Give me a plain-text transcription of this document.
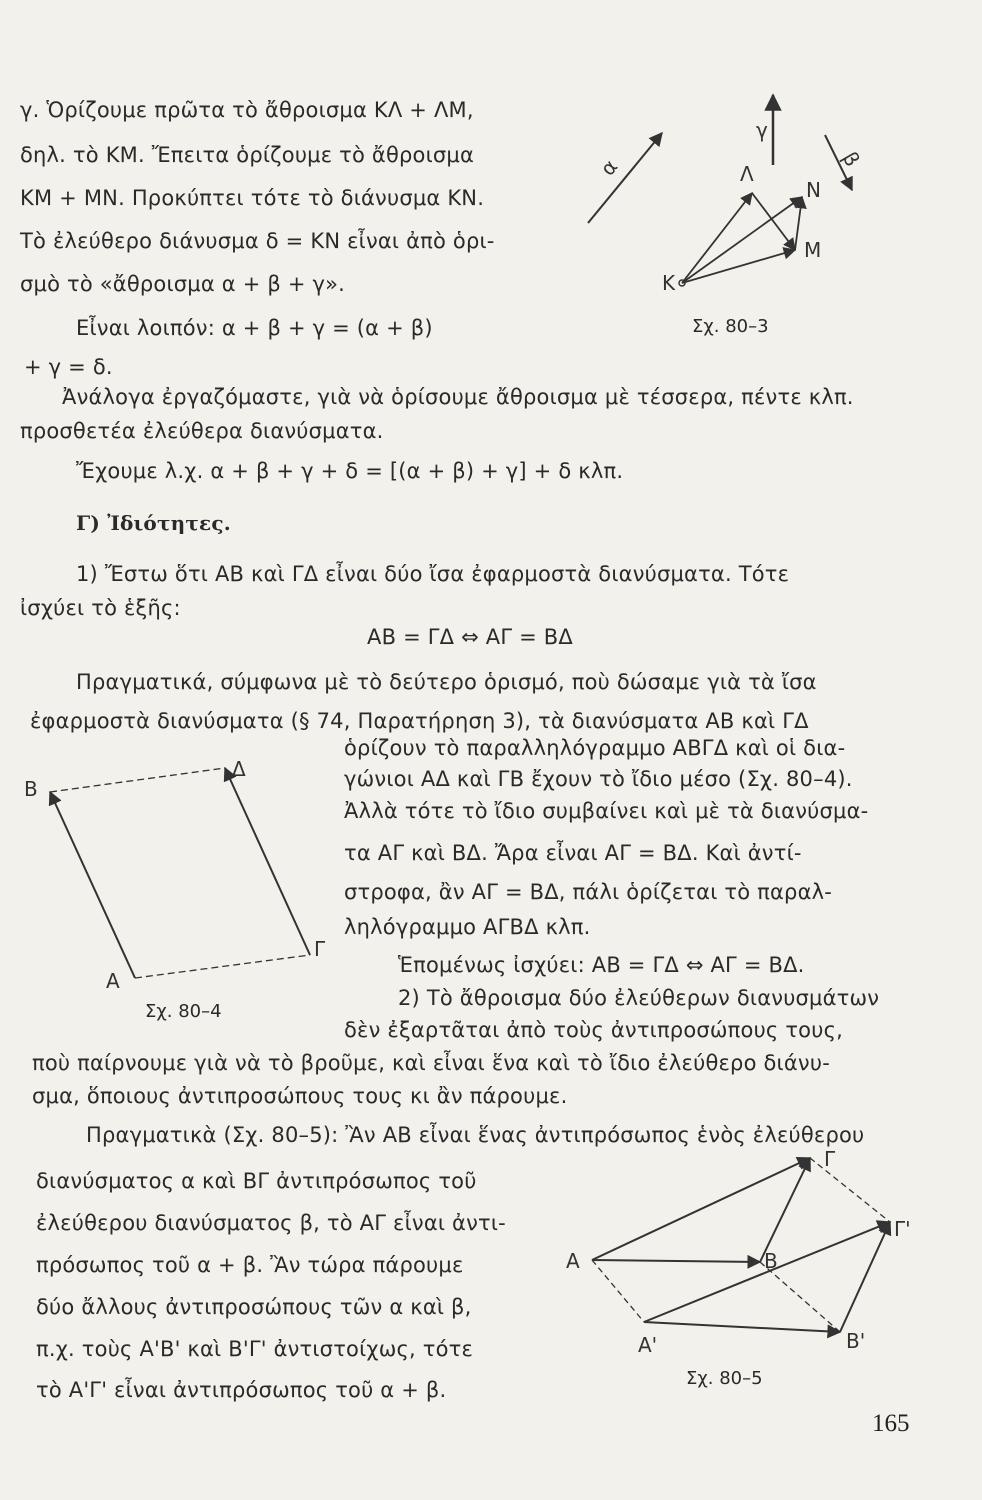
γ. Ὁρίζουμε πρῶτα τὸ ἄθροισμα ΚΛ + ΛΜ,
δηλ. τὸ ΚΜ. Ἔπειτα ὁρίζουμε τὸ ἄθροισμα
ΚΜ + ΜΝ. Προκύπτει τότε τὸ διάνυσμα ΚΝ.
Τὸ ἐλεύθερο διάνυσμα δ = ΚΝ εἶναι ἀπὸ ὁρι-
σμὸ τὸ «ἄθροισμα α + β + γ».
Εἶναι λοιπόν: α + β + γ = (α + β)
+ γ = δ.
Ἀνάλογα ἐργαζόμαστε, γιὰ νὰ ὁρίσουμε ἄθροισμα μὲ τέσσερα, πέντε κλπ.
προσθετέα ἐλεύθερα διανύσματα.
Ἔχουμε λ.χ. α + β + γ + δ = [(α + β) + γ] + δ κλπ.
Γ) Ἰδιότητες.
1) Ἔστω ὅτι ΑΒ καὶ ΓΔ εἶναι δύο ἴσα ἐφαρμοστὰ διανύσματα. Τότε
ἰσχύει τὸ ἑξῆς:
ΑΒ = ΓΔ ⇔ ΑΓ = ΒΔ
Πραγματικά, σύμφωνα μὲ τὸ δεύτερο ὁρισμό, ποὺ δώσαμε γιὰ τὰ ἴσα
ἐφαρμοστὰ διανύσματα (§ 74, Παρατήρηση 3), τὰ διανύσματα ΑΒ καὶ ΓΔ
ὁρίζουν τὸ παραλληλόγραμμο ΑΒΓΔ καὶ οἱ δια-
γώνιοι ΑΔ καὶ ΓΒ ἔχουν τὸ ἴδιο μέσο (Σχ. 80–4).
Ἀλλὰ τότε τὸ ἴδιο συμβαίνει καὶ μὲ τὰ διανύσμα-
τα ΑΓ καὶ ΒΔ. Ἄρα εἶναι ΑΓ = ΒΔ. Καὶ ἀντί-
στροφα, ἂν ΑΓ = ΒΔ, πάλι ὁρίζεται τὸ παραλ-
ληλόγραμμο ΑΓΒΔ κλπ.
Ἑπομένως ἰσχύει: ΑΒ = ΓΔ ⇔ ΑΓ = ΒΔ.
2) Τὸ ἄθροισμα δύο ἐλεύθερων διανυσμάτων
δὲν ἐξαρτᾶται ἀπὸ τοὺς ἀντιπροσώπους τους,
ποὺ παίρνουμε γιὰ νὰ τὸ βροῦμε, καὶ εἶναι ἕνα καὶ τὸ ἴδιο ἐλεύθερο διάνυ-
σμα, ὅποιους ἀντιπροσώπους τους κι ἂν πάρουμε.
Πραγματικὰ (Σχ. 80–5): Ἂν ΑΒ εἶναι ἕνας ἀντιπρόσωπος ἑνὸς ἐλεύθερου
διανύσματος α καὶ ΒΓ ἀντιπρόσωπος τοῦ
ἐλεύθερου διανύσματος β, τὸ ΑΓ εἶναι ἀντι-
πρόσωπος τοῦ α + β. Ἂν τώρα πάρουμε
δύο ἄλλους ἀντιπροσώπους τῶν α καὶ β,
π.χ. τοὺς Α'Β' καὶ Β'Γ' ἀντιστοίχως, τότε
τὸ Α'Γ' εἶναι ἀντιπρόσωπος τοῦ α + β.
α
γ
β
Κ
Λ
Ν
Μ
Σχ. 80–3
Β
Δ
Α
Γ
Σχ. 80–4
Α	Β
Γ
Α'	Β'
Γ'
Σχ. 80–5
165
